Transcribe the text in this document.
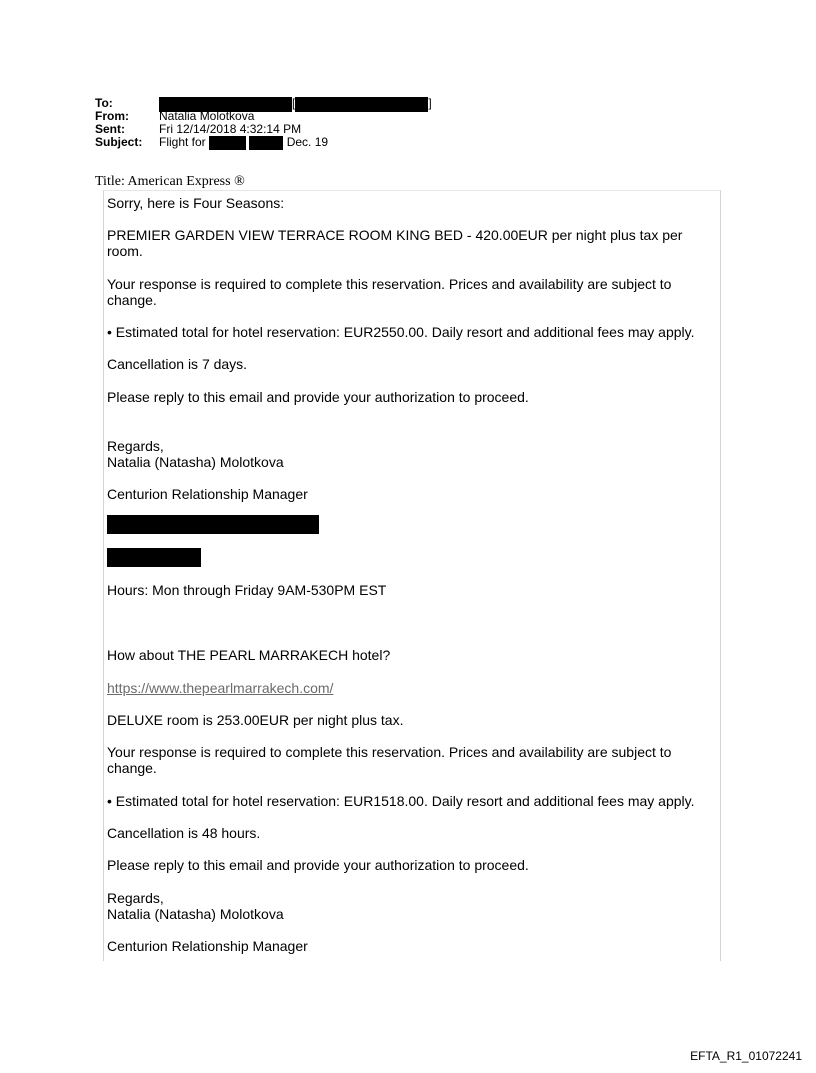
To:	[	]
From:	Natalia Molotkova
Sent:	Fri 12/14/2018 4:32:14 PM
Subject: Flight for	Dec. 19
Title: American Express ®
Sorry, here is Four Seasons:
PREMIER GARDEN VIEW TERRACE ROOM KING BED - 420.00EUR per night plus tax per room.
Your response is required to complete this reservation. Prices and availability are subject to change.
• Estimated total for hotel reservation: EUR2550.00. Daily resort and additional fees may apply.
Cancellation is 7 days.
Please reply to this email and provide your authorization to proceed.
Regards,
Natalia (Natasha) Molotkova
Centurion Relationship Manager
Hours: Mon through Friday 9AM-530PM EST
How about THE PEARL MARRAKECH hotel?
https://www.thepearlmarrakech.com/
DELUXE room is 253.00EUR per night plus tax.
Your response is required to complete this reservation. Prices and availability are subject to change.
• Estimated total for hotel reservation: EUR1518.00. Daily resort and additional fees may apply.
Cancellation is 48 hours.
Please reply to this email and provide your authorization to proceed.
Regards,
Natalia (Natasha) Molotkova
Centurion Relationship Manager
EFTA_R1_01072241
